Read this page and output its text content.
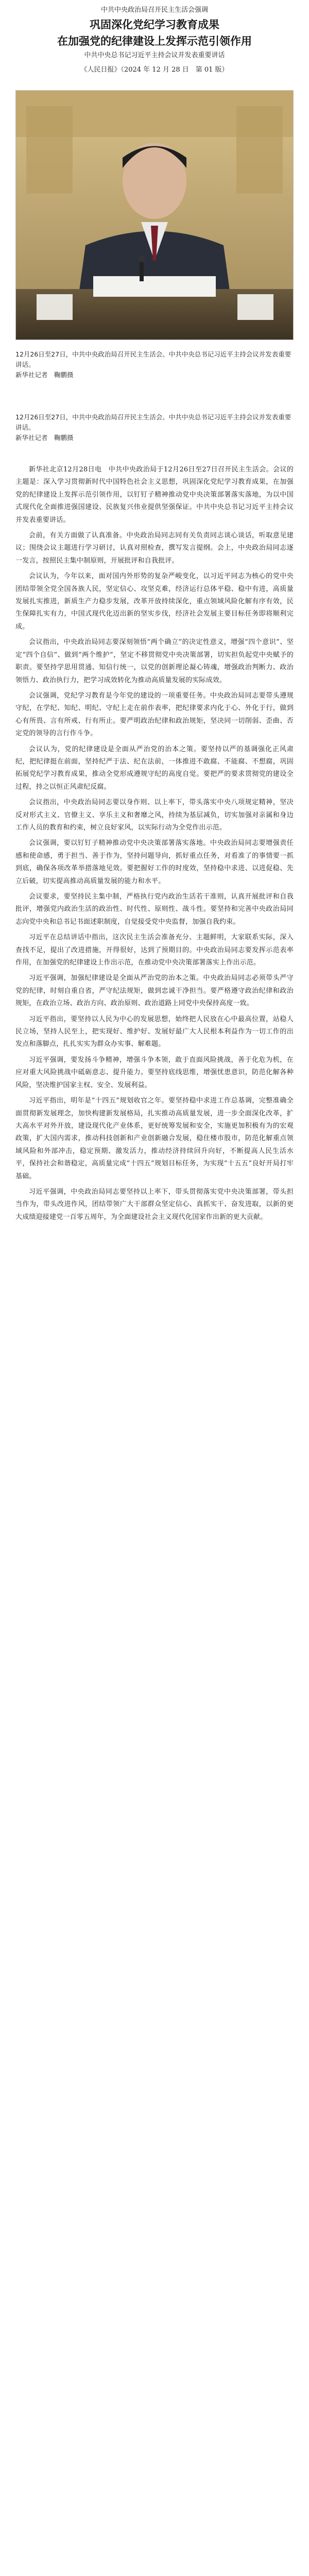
中共中央政治局召开民主生活会强调
巩固深化党纪学习教育成果
在加强党的纪律建设上发挥示范引领作用
中共中央总书记习近平主持会议并发表重要讲话
《人民日报》（2024 年 12 月 28 日　第 01 版）
12月26日至27日，中共中央政治局召开民主生活会。中共中央总书记习近平主持会议并发表重要讲话。
新华社记者　鞠鹏摄
12月26日至27日，中共中央政治局召开民主生活会。中共中央总书记习近平主持会议并发表重要讲话。
新华社记者　鞠鹏摄

新华社北京12月28日电　中共中央政治局于12月26日至27日召开民主生活会。会议的主题是：深入学习贯彻新时代中国特色社会主义思想，巩固深化党纪学习教育成果，在加强党的纪律建设上发挥示范引领作用，以钉钉子精神推动党中央决策部署落实落地，为以中国式现代化全面推进强国建设、民族复兴伟业提供坚强保证。中共中央总书记习近平主持会议并发表重要讲话。

会前，有关方面做了认真准备。中央政治局同志同有关负责同志谈心谈话，听取意见建议；围绕会议主题进行学习研讨，认真对照检查，撰写发言提纲。会上，中央政治局同志逐一发言，按照民主集中制原则，开展批评和自我批评。

会议认为，今年以来，面对国内外形势的复杂严峻变化，以习近平同志为核心的党中央团结带领全党全国各族人民，坚定信心、攻坚克难，经济运行总体平稳、稳中有进，高质量发展扎实推进，新质生产力稳步发展，改革开放持续深化，重点领域风险化解有序有效，民生保障扎实有力，中国式现代化迈出新的坚实步伐，经济社会发展主要目标任务即将顺利完成。

会议指出，中央政治局同志要深刻领悟“两个确立”的决定性意义，增强“四个意识”、坚定“四个自信”、做到“两个维护”，坚定不移贯彻党中央决策部署，切实担负起党中央赋予的职责。要坚持学思用贯通、知信行统一，以党的创新理论凝心铸魂，增强政治判断力、政治领悟力、政治执行力，把学习成效转化为推动高质量发展的实际成效。

会议强调，党纪学习教育是今年党的建设的一项重要任务。中央政治局同志要带头遵规守纪，在学纪、知纪、明纪、守纪上走在前作表率，把纪律要求内化于心、外化于行，做到心有所畏、言有所戒、行有所止。要严明政治纪律和政治规矩，坚决同一切削弱、歪曲、否定党的领导的言行作斗争。

会议认为，党的纪律建设是全面从严治党的治本之策。要坚持以严的基调强化正风肃纪，把纪律挺在前面，坚持纪严于法、纪在法前，一体推进不敢腐、不能腐、不想腐，巩固拓展党纪学习教育成果，推动全党形成遵规守纪的高度自觉。要把严的要求贯彻党的建设全过程，持之以恒正风肃纪反腐。

会议指出，中央政治局同志要以身作则、以上率下，带头落实中央八项规定精神，坚决反对形式主义、官僚主义、享乐主义和奢靡之风，持续为基层减负，切实加强对亲属和身边工作人员的教育和约束，树立良好家风，以实际行动为全党作出示范。

会议强调，要以钉钉子精神推动党中央决策部署落实落地。中央政治局同志要增强责任感和使命感，勇于担当、善于作为，坚持问题导向，抓好重点任务，对看准了的事情要一抓到底，确保各项改革举措落地见效。要把握好工作的时度效，坚持稳中求进、以进促稳、先立后破，切实提高推动高质量发展的能力和水平。

会议要求，要坚持民主集中制，严格执行党内政治生活若干准则，认真开展批评和自我批评，增强党内政治生活的政治性、时代性、原则性、战斗性。要坚持和完善中央政治局同志向党中央和总书记书面述职制度，自觉接受党中央监督，加强自我约束。

习近平在总结讲话中指出，这次民主生活会准备充分、主题鲜明，大家联系实际，深入查找不足，提出了改进措施，开得很好，达到了预期目的。中央政治局同志要发挥示范表率作用，在加强党的纪律建设上作出示范，在推动党中央决策部署落实上作出示范。

习近平强调，加强纪律建设是全面从严治党的治本之策。中央政治局同志必须带头严守党的纪律，时刻自重自省，严守纪法规矩，做到忠诚干净担当。要严格遵守政治纪律和政治规矩，在政治立场、政治方向、政治原则、政治道路上同党中央保持高度一致。

习近平指出，要坚持以人民为中心的发展思想，始终把人民放在心中最高位置，站稳人民立场，坚持人民至上，把实现好、维护好、发展好最广大人民根本利益作为一切工作的出发点和落脚点，扎扎实实为群众办实事、解难题。

习近平强调，要发扬斗争精神，增强斗争本领，敢于直面风险挑战，善于化危为机，在应对重大风险挑战中砥砺意志、提升能力。要坚持底线思维，增强忧患意识，防范化解各种风险，坚决维护国家主权、安全、发展利益。

习近平指出，明年是“十四五”规划收官之年。要坚持稳中求进工作总基调，完整准确全面贯彻新发展理念，加快构建新发展格局，扎实推动高质量发展，进一步全面深化改革，扩大高水平对外开放，建设现代化产业体系，更好统筹发展和安全，实施更加积极有为的宏观政策，扩大国内需求，推动科技创新和产业创新融合发展，稳住楼市股市，防范化解重点领域风险和外部冲击，稳定预期、激发活力，推动经济持续回升向好，不断提高人民生活水平，保持社会和谐稳定，高质量完成“十四五”规划目标任务，为实现“十五五”良好开局打牢基础。

习近平强调，中央政治局同志要坚持以上率下，带头贯彻落实党中央决策部署，带头担当作为，带头改进作风，团结带领广大干部群众坚定信心、真抓实干、奋发进取，以新的更大成绩迎接建党一百零五周年，为全面建设社会主义现代化国家作出新的更大贡献。
